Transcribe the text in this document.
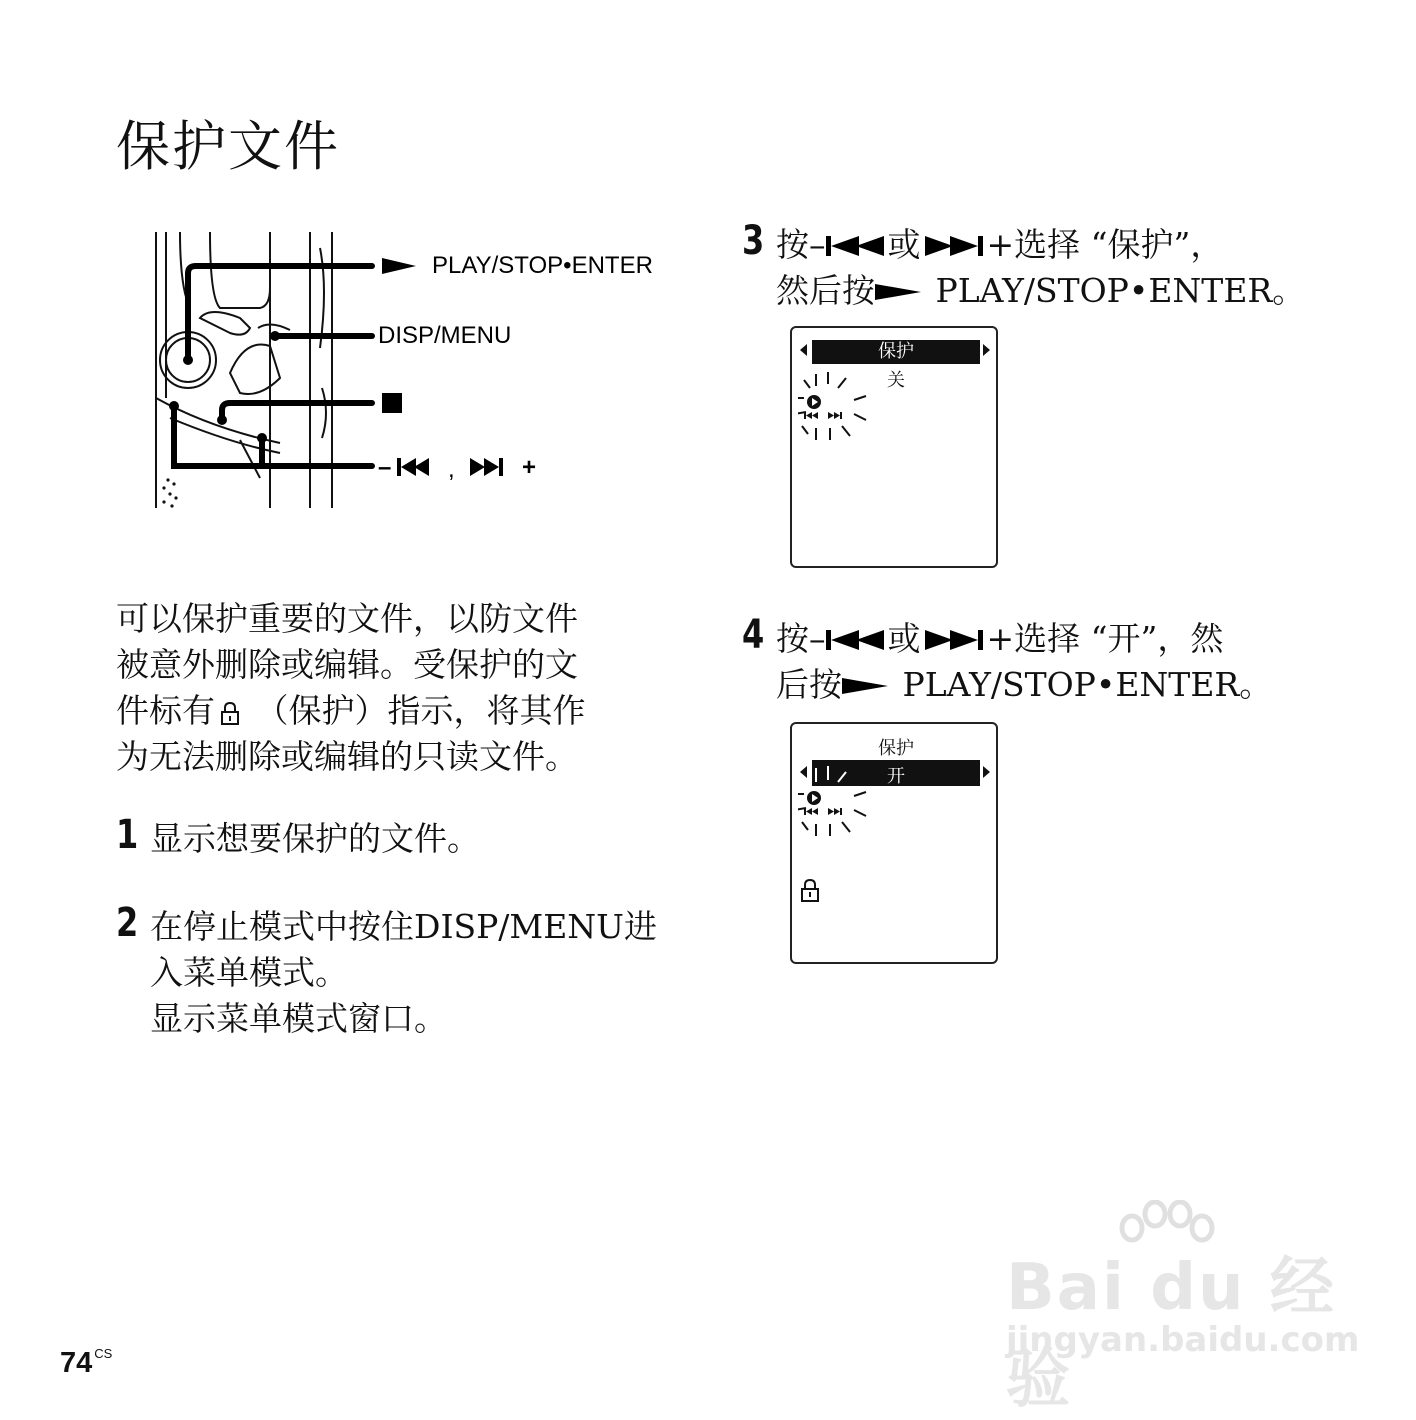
保护文件
PLAY/STOP•ENTER
DISP/MENU
– ,	+
可以保护重要的文件，以防文件
被意外删除或编辑。受保护的文
件标有 （保护）指示，将其作
为无法删除或编辑的只读文件。
1 显示想要保护的文件。
2 在停止模式中按住DISP/MENU进
入菜单模式。
显示菜单模式窗口。
3 按– 或 +选择 “保护”，
然后按 PLAY/STOP•ENTER。
保护
关
4 按– 或 +选择 “开”，然
后按 PLAY/STOP•ENTER。
保护
开
Bai du 经验
jingyan.baidu.com
74 $^{CS}$
